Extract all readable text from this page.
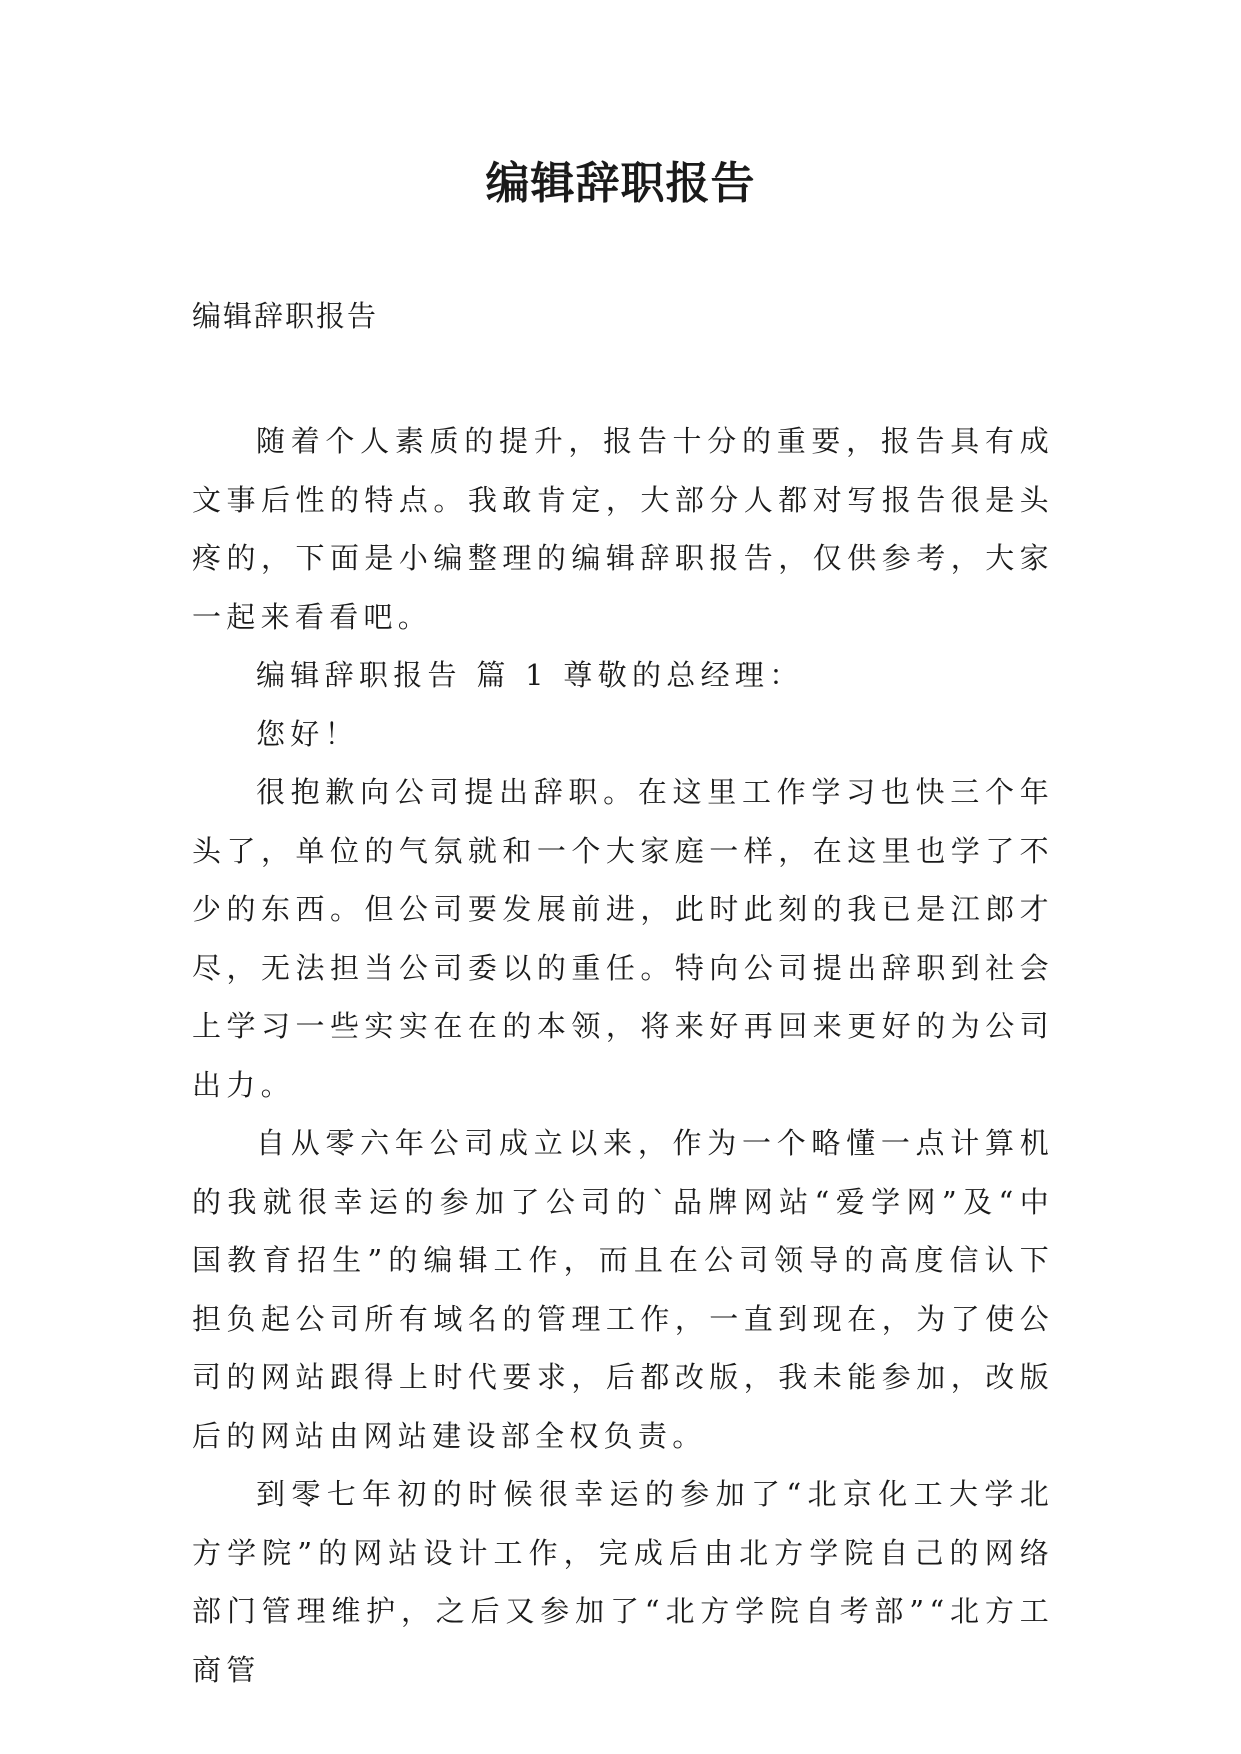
编辑辞职报告
编辑辞职报告

随着个人素质的提升，报告十分的重要，报告具有成文事后性的特点。我敢肯定，大部分人都对写报告很是头疼的，下面是小编整理的编辑辞职报告，仅供参考，大家一起来看看吧。

编辑辞职报告 篇 1 尊敬的总经理：

您好！

很抱歉向公司提出辞职。在这里工作学习也快三个年头了，单位的气氛就和一个大家庭一样，在这里也学了不少的东西。但公司要发展前进，此时此刻的我已是江郎才尽，无法担当公司委以的重任。特向公司提出辞职到社会上学习一些实实在在的本领，将来好再回来更好的为公司出力。

自从零六年公司成立以来，作为一个略懂一点计算机的我就很幸运的参加了公司的`品牌网站“爱学网”及“中国教育招生”的编辑工作，而且在公司领导的高度信认下担负起公司所有域名的管理工作，一直到现在，为了使公司的网站跟得上时代要求，后都改版，我未能参加，改版后的网站由网站建设部全权负责。

到零七年初的时候很幸运的参加了“北京化工大学北方学院”的网站设计工作，完成后由北方学院自己的网络部门管理维护，之后又参加了“北方学院自考部”“北方工商管
